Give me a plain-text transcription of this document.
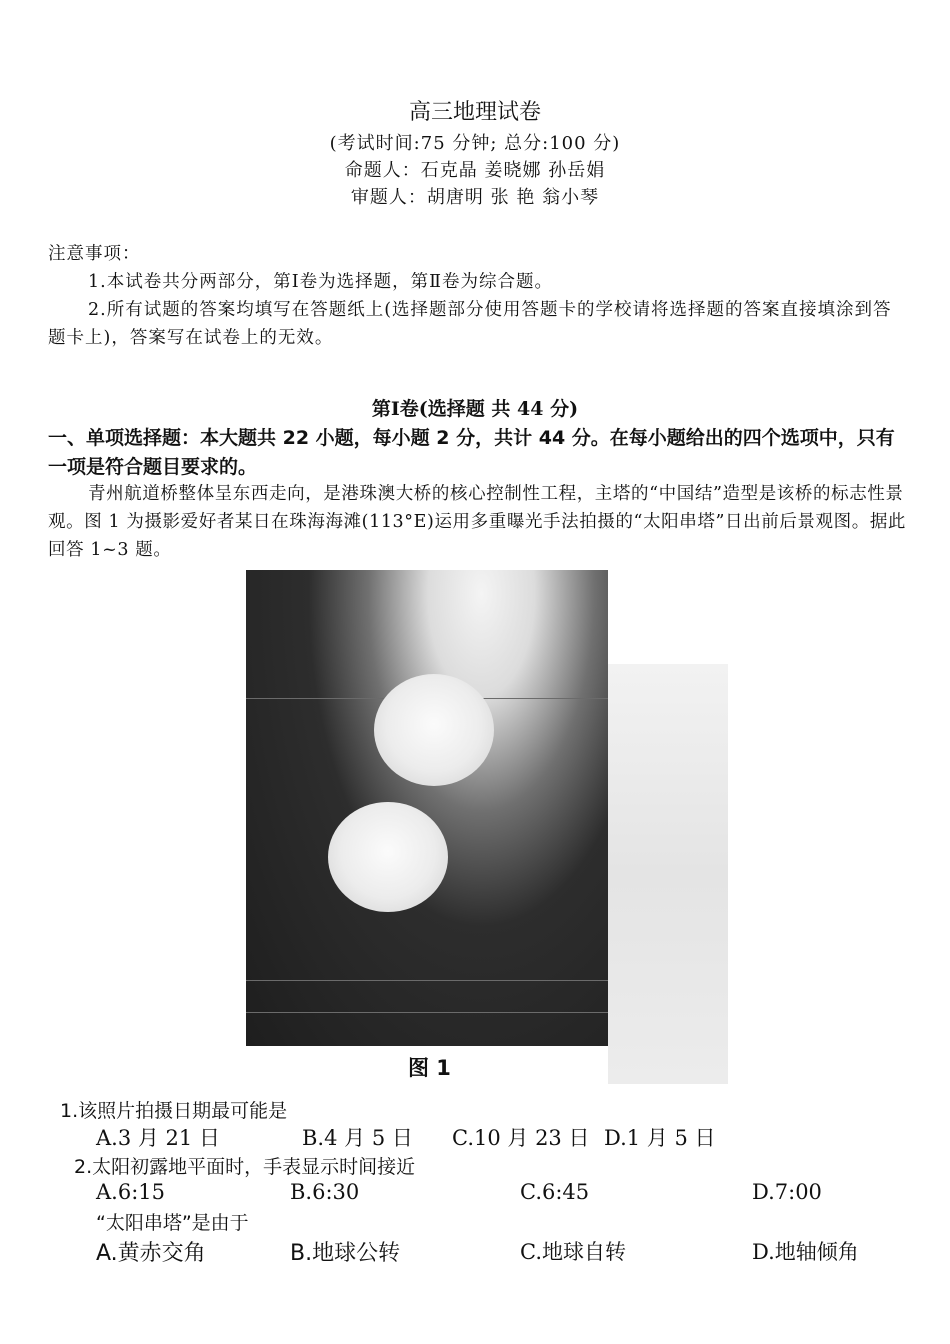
高三地理试卷
(考试时间:75 分钟; 总分:100 分)
命题人：石克晶 姜晓娜 孙岳娟
审题人：胡唐明 张 艳 翁小琴
注意事项：
1.本试卷共分两部分，第Ⅰ卷为选择题，第Ⅱ卷为综合题。
2.所有试题的答案均填写在答题纸上(选择题部分使用答题卡的学校请将选择题的答案直接填涂到答题卡上)，答案写在试卷上的无效。
第Ⅰ卷(选择题 共 44 分)
一、单项选择题：本大题共 22 小题，每小题 2 分，共计 44 分。在每小题给出的四个选项中，只有一项是符合题目要求的。
青州航道桥整体呈东西走向，是港珠澳大桥的核心控制性工程，主塔的“中国结”造型是该桥的标志性景观。图 1 为摄影爱好者某日在珠海海滩(113°E)运用多重曝光手法拍摄的“太阳串塔”日出前后景观图。据此回答 1~3 题。
图 1
1.该照片拍摄日期最可能是
A.3 月 21 日	B.4 月 5 日 C.10 月 23 日 D.1 月 5 日
2.太阳初露地平面时，手表显示时间接近
A.6:15	B.6:30	C.6:45	D.7:00
“太阳串塔”是由于
A.黄赤交角	B.地球公转	C.地球自转	D.地轴倾角
